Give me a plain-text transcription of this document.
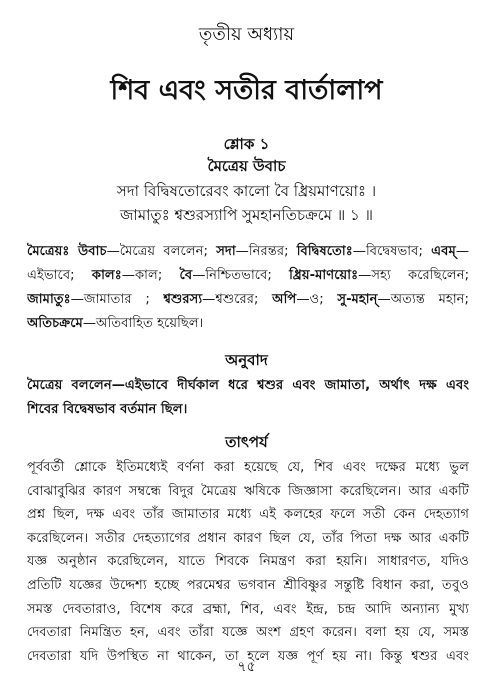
তৃতীয় অধ্যায়
শিব এবং সতীর বার্তালাপ
শ্লোক ১
মৈত্রেয় উবাচ
সদা বিদ্বিষতোরেবং কালো বৈ ধ্রিয়মাণয়োঃ ।
জামাতুঃ শ্বশুরস্যাপি সুমহানতিচক্রমে ॥ ১ ॥
মৈত্রেয়ঃ উবাচ—মৈত্রেয় বললেন; সদা—নিরন্তর; বিদ্বিষতোঃ—বিদ্বেষভাব; এবম্—
এইভাবে; কালঃ—কাল; বৈ—নিশ্চিতভাবে; ধ্রিয়-মাণয়োঃ—সহ্য করেছিলেন;
জামাতুঃ—জামাতার ; শ্বশুরস্য—শ্বশুরের; অপি—ও; সু-মহান্—অত্যন্ত মহান;
অতিচক্রমে—অতিবাহিত হয়েছিল।
অনুবাদ
মৈত্রেয় বললেন—এইভাবে দীর্ঘকাল ধরে শ্বশুর এবং জামাতা, অর্থাৎ দক্ষ এবং
শিবের বিদ্বেষভাব বর্তমান ছিল।
তাৎপর্য
পূর্ববর্তী শ্লোকে ইতিমধ্যেই বর্ণনা করা হয়েছে যে, শিব এবং দক্ষের মধ্যে ভুল
বোঝাবুঝির কারণ সম্বন্ধে বিদুর মৈত্রেয় ঋষিকে জিজ্ঞাসা করেছিলেন। আর একটি
প্রশ্ন ছিল, দক্ষ এবং তাঁর জামাতার মধ্যে এই কলহের ফলে সতী কেন দেহত্যাগ
করেছিলেন। সতীর দেহত্যাগের প্রধান কারণ ছিল যে, তাঁর পিতা দক্ষ আর একটি
যজ্ঞ অনুষ্ঠান করেছিলেন, যাতে শিবকে নিমন্ত্রণ করা হয়নি। সাধারণত, যদিও
প্রতিটি যজ্ঞের উদ্দেশ্য হচ্ছে পরমেশ্বর ভগবান শ্রীবিষ্ণুর সন্তুষ্টি বিধান করা, তবুও
সমস্ত দেবতারাও, বিশেষ করে ব্রহ্মা, শিব, এবং ইন্দ্র, চন্দ্র আদি অন্যান্য মুখ্য
দেবতারা নিমন্ত্রিত হন, এবং তাঁরা যজ্ঞে অংশ গ্রহণ করেন। বলা হয় যে, সমস্ত
দেবতারা যদি উপস্থিত না থাকেন, তা হলে যজ্ঞ পূর্ণ হয় না। কিন্তু শ্বশুর এবং
৭৫
